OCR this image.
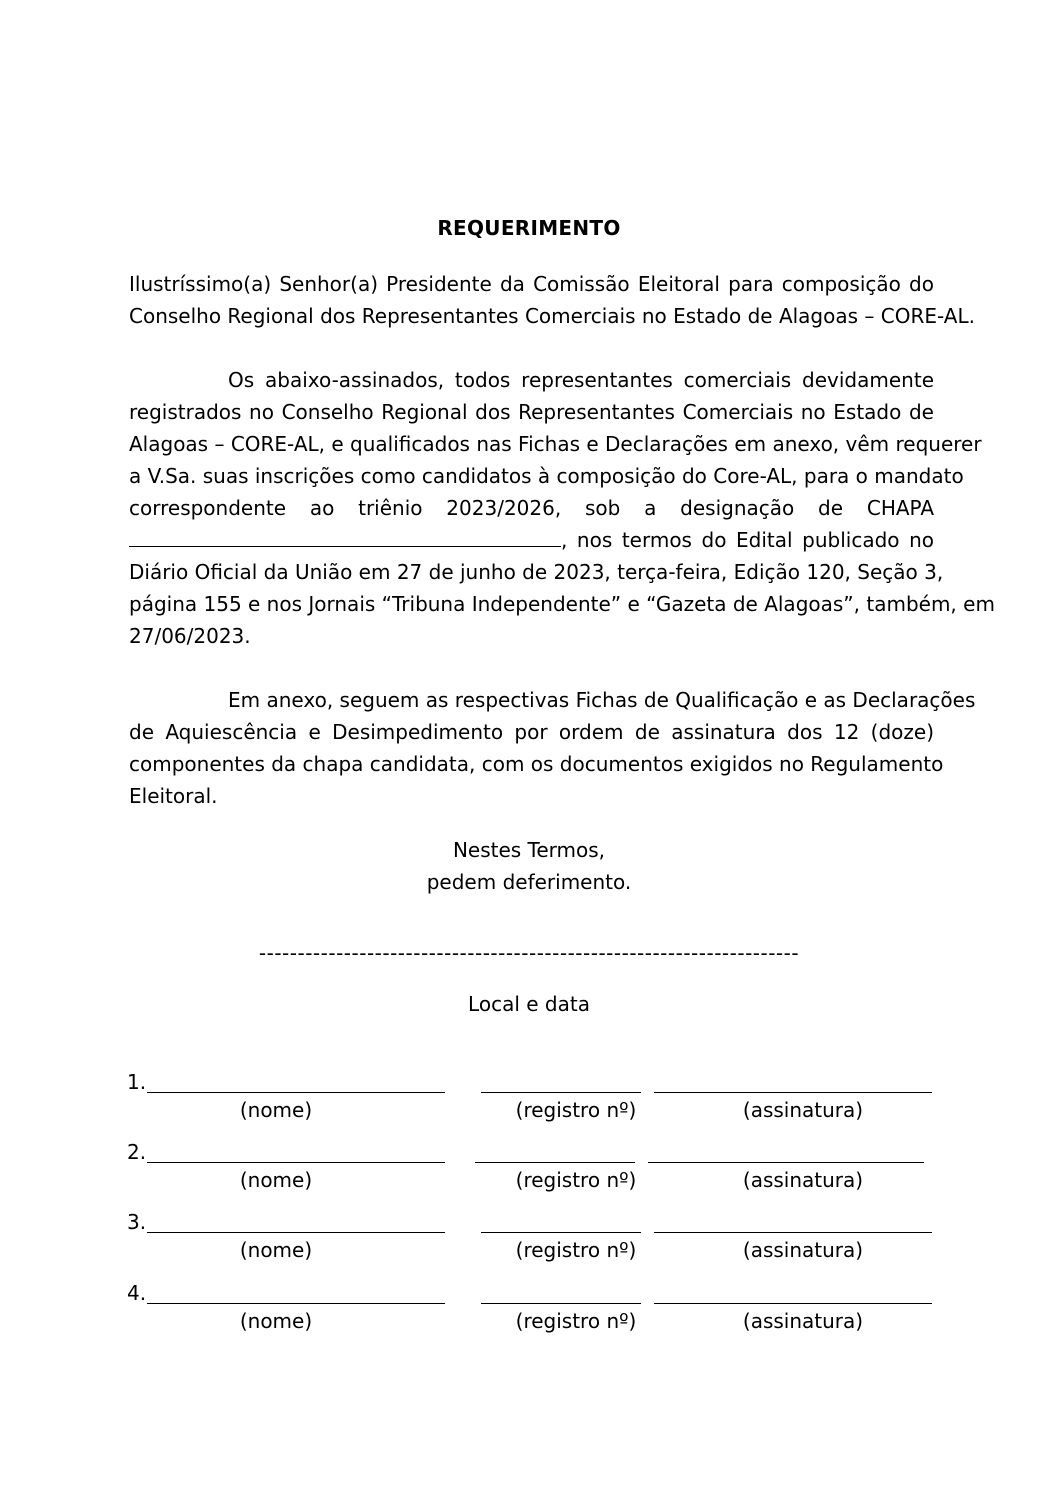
REQUERIMENTO
Ilustríssimo(a) Senhor(a) Presidente da Comissão Eleitoral para composição do
Conselho Regional dos Representantes Comerciais no Estado de Alagoas – CORE-AL.
Os abaixo-assinados, todos representantes comerciais devidamente
registrados no Conselho Regional dos Representantes Comerciais no Estado de
Alagoas – CORE-AL, e qualificados nas Fichas e Declarações em anexo, vêm requerer
a V.Sa. suas inscrições como candidatos à composição do Core-AL, para o mandato
correspondente ao triênio 2023/2026, sob a designação de CHAPA
, nos termos do Edital publicado no
Diário Oficial da União em 27 de junho de 2023, terça-feira, Edição 120, Seção 3,
página 155 e nos Jornais “Tribuna Independente” e “Gazeta de Alagoas”, também, em
27/06/2023.
Em anexo, seguem as respectivas Fichas de Qualificação e as Declarações
de Aquiescência e Desimpedimento por ordem de assinatura dos 12 (doze)
componentes da chapa candidata, com os documentos exigidos no Regulamento
Eleitoral.
Nestes Termos,
pedem deferimento.
----------------------------------------------------------------------
Local e data
1.
(nome)	(registro nº)	(assinatura)
2.
(nome)	(registro nº)	(assinatura)
3.
(nome)	(registro nº)	(assinatura)
4.
(nome)	(registro nº)	(assinatura)
